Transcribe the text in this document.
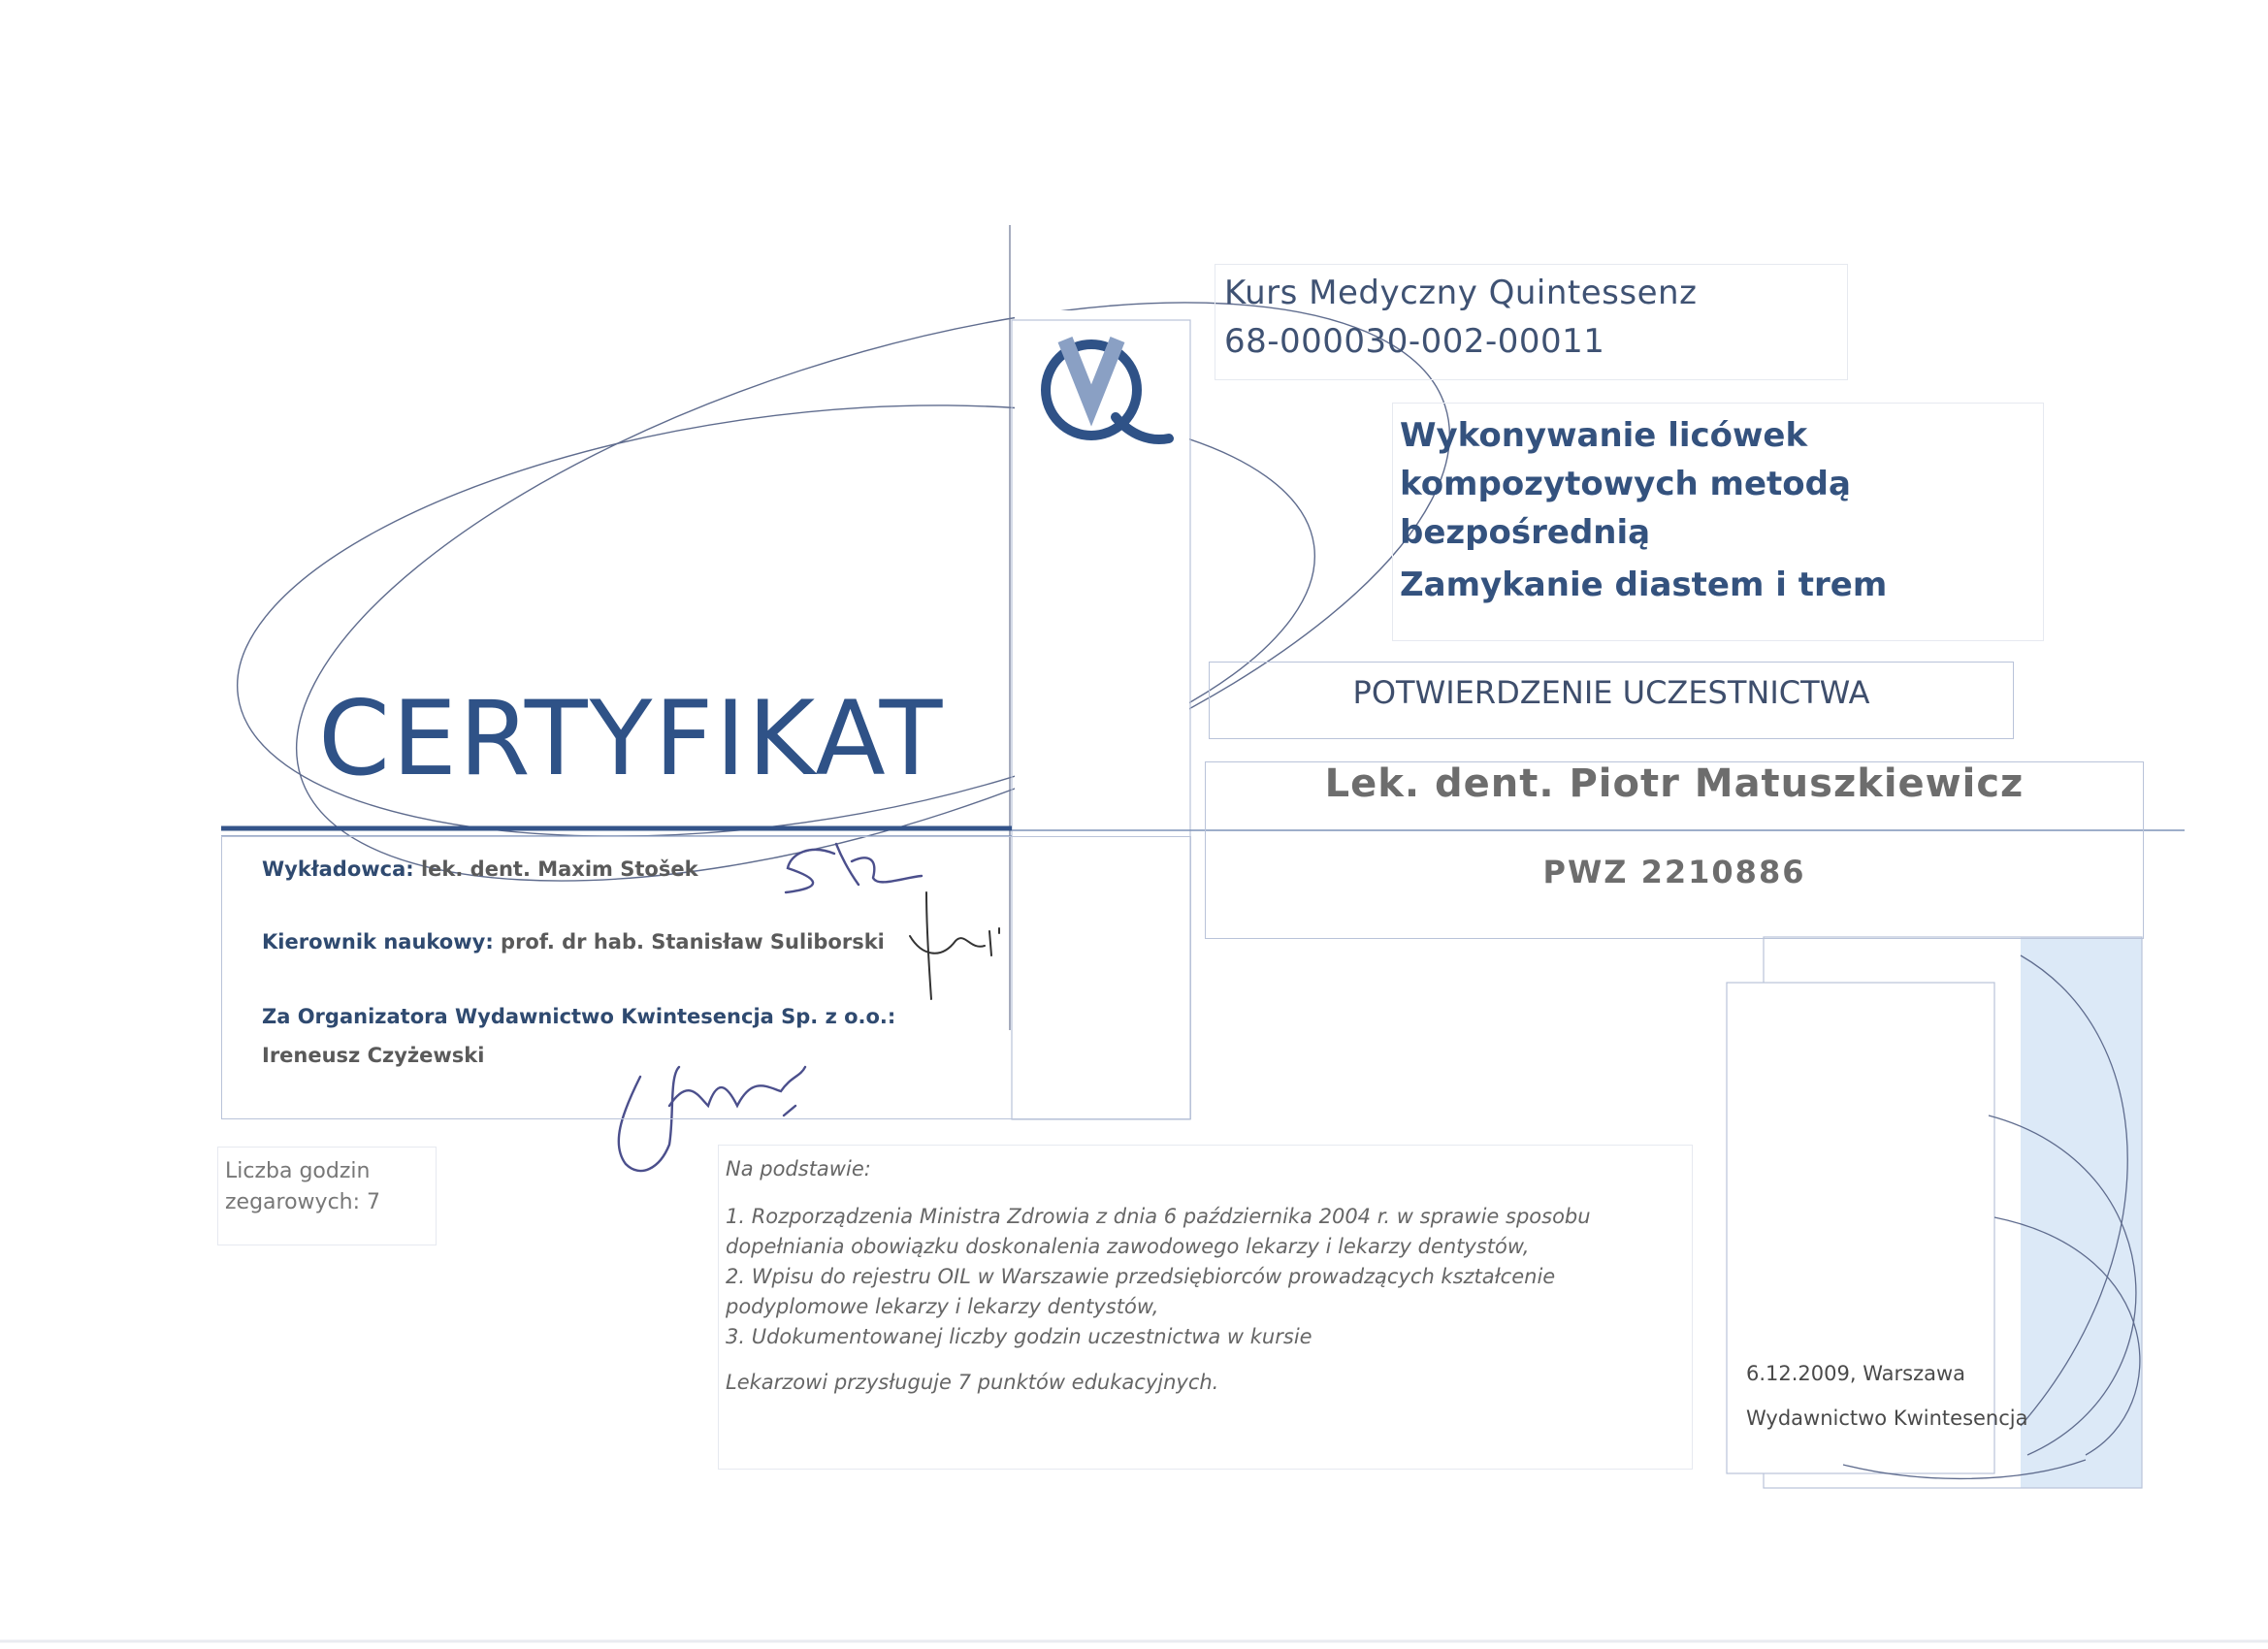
Kurs Medyczny Quintessenz
68-000030-002-00011
Wykonywanie licówek
kompozytowych metodą
bezpośrednią
Zamykanie diastem i trem
POTWIERDZENIE UCZESTNICTWA
Lek. dent. Piotr Matuszkiewicz
PWZ 2210886
CERTYFIKAT
Wykładowca: lek. dent. Maxim Stošek
Kierownik naukowy: prof. dr hab. Stanisław Suliborski
Za Organizatora Wydawnictwo Kwintesencja Sp. z o.o.:
Ireneusz Czyżewski
Liczba godzin
zegarowych: 7

Na podstawie:

1. Rozporządzenia Ministra Zdrowia z dnia 6 października 2004 r. w sprawie sposobu

dopełniania obowiązku doskonalenia zawodowego lekarzy i lekarzy dentystów,

2. Wpisu do rejestru OIL w Warszawie przedsiębiorców prowadzących kształcenie

podyplomowe lekarzy i lekarzy dentystów,

3. Udokumentowanej liczby godzin uczestnictwa w kursie

Lekarzowi przysługuje 7 punktów edukacyjnych.	6.12.2009, Warszawa
Wydawnictwo Kwintesencja
